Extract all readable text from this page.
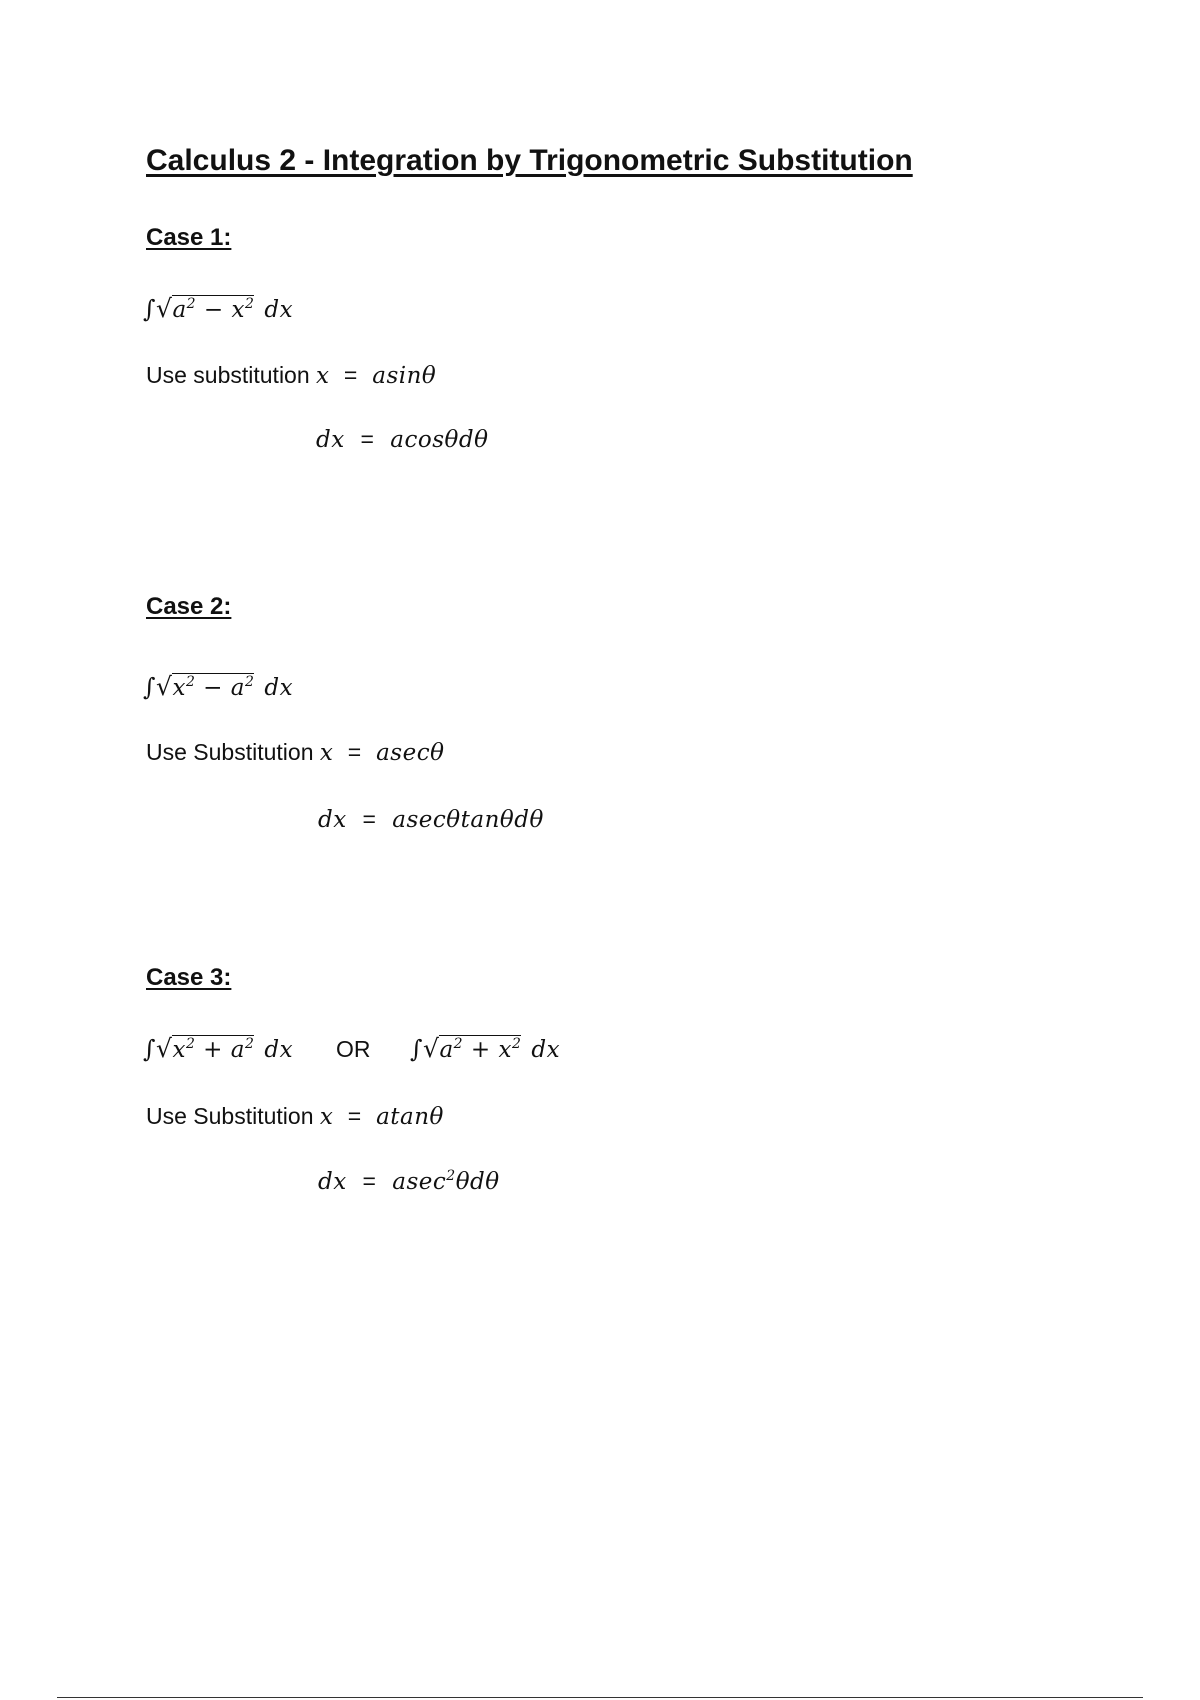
Calculus 2 - Integration by Trigonometric Substitution
Case 1:
$\int√a^2 - x^2$ dx
Use substitution x = asinθ
dx = acosθdθ
Case 2:
$\int√x^2 - a^2$ dx
Use Substitution x = asecθ
dx = asecθtanθdθ
Case 3:
$\int√x^2 + a^2$ dx OR $\int√a^2 + x^2$ dx
Use Substitution x = atanθ
dx = asec$^2$θdθ
